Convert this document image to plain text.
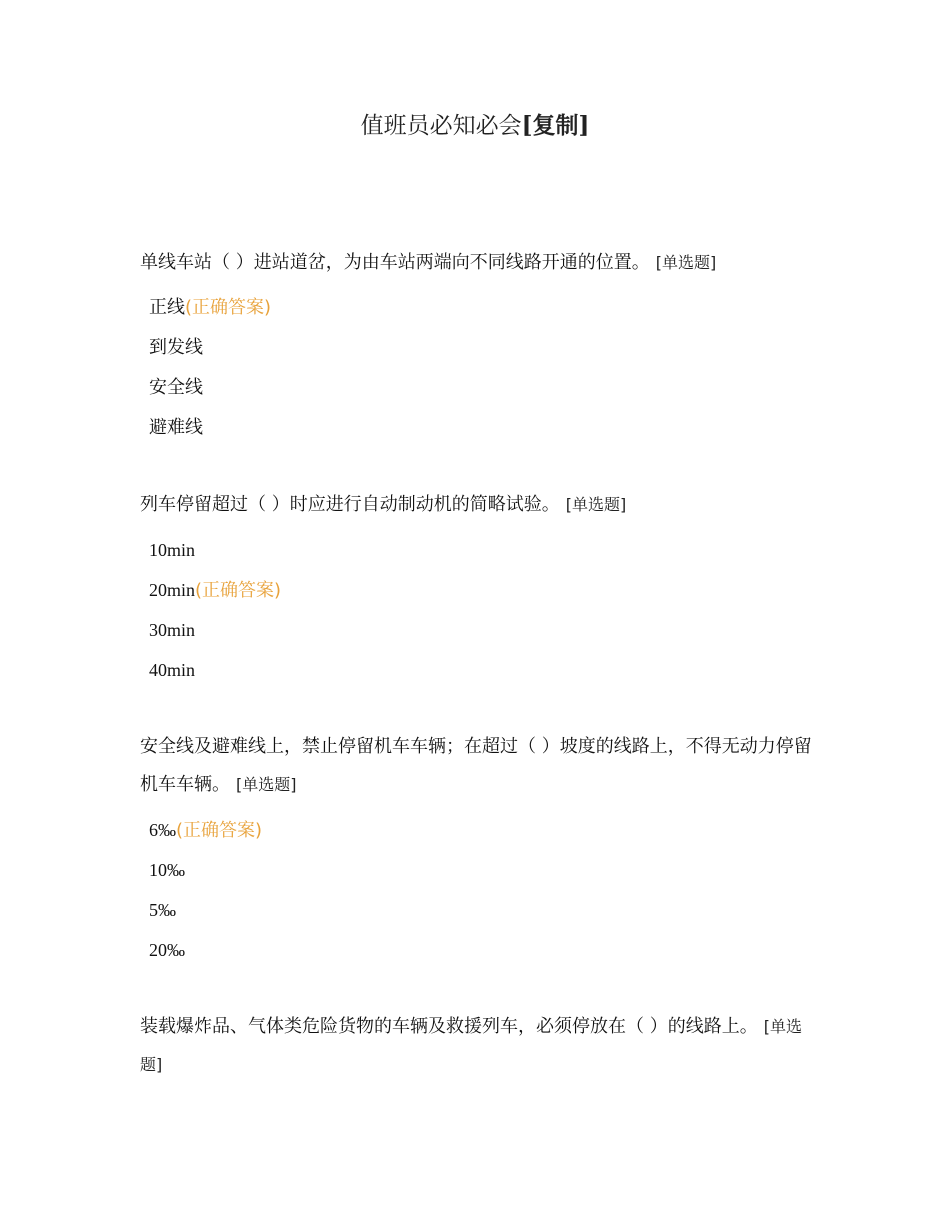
值班员必知必会[复制]

单线车站（ ）进站道岔，为由车站两端向不同线路开通的位置。 [单选题]

正线(正确答案)
到发线
安全线
避难线

列车停留超过（ ）时应进行自动制动机的简略试验。 [单选题]

10min
20min(正确答案)
30min
40min

安全线及避难线上，禁止停留机车车辆；在超过（ ）坡度的线路上，不得无动力停留机车车辆。 [单选题]

6‰(正确答案)
10‰
5‰
20‰

装载爆炸品、气体类危险货物的车辆及救援列车，必须停放在（ ）的线路上。 [单选题]
